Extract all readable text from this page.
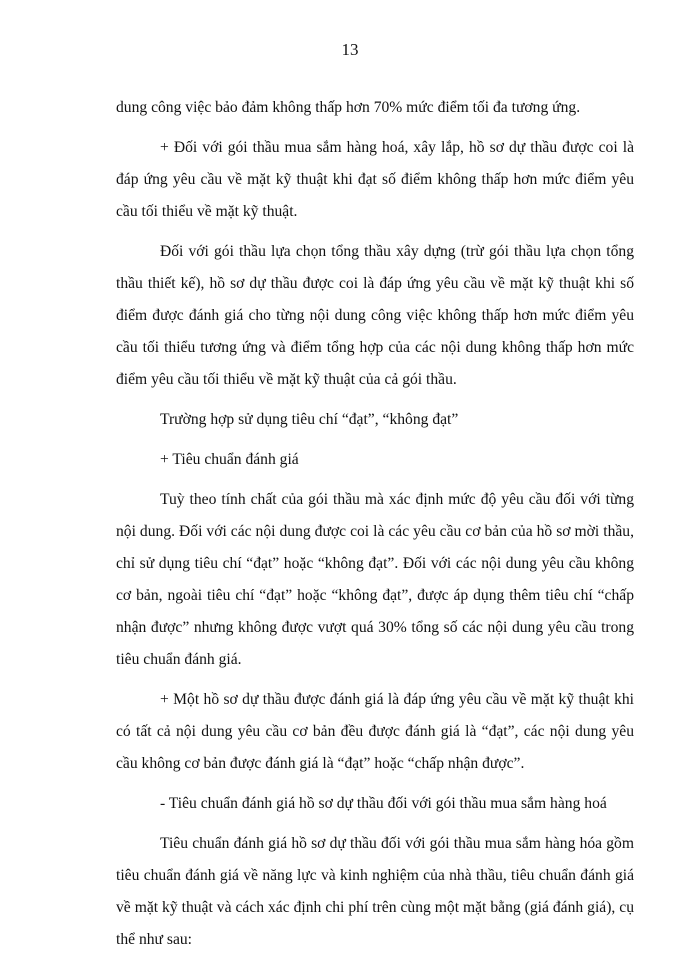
13

dung công việc bảo đảm không thấp hơn 70% mức điểm tối đa tương ứng.

+ Đối với gói thầu mua sắm hàng hoá, xây lắp, hồ sơ dự thầu được coi là đáp ứng yêu cầu về mặt kỹ thuật khi đạt số điểm không thấp hơn mức điểm yêu cầu tối thiểu về mặt kỹ thuật.

Đối với gói thầu lựa chọn tổng thầu xây dựng (trừ gói thầu lựa chọn tổng thầu thiết kế), hồ sơ dự thầu được coi là đáp ứng yêu cầu về mặt kỹ thuật khi số điểm được đánh giá cho từng nội dung công việc không thấp hơn mức điểm yêu cầu tối thiểu tương ứng và điểm tổng hợp của các nội dung không thấp hơn mức điểm yêu cầu tối thiểu về mặt kỹ thuật của cả gói thầu.

Trường hợp sử dụng tiêu chí “đạt”, “không đạt”

+ Tiêu chuẩn đánh giá

Tuỳ theo tính chất của gói thầu mà xác định mức độ yêu cầu đối với từng nội dung. Đối với các nội dung được coi là các yêu cầu cơ bản của hồ sơ mời thầu, chỉ sử dụng tiêu chí “đạt” hoặc “không đạt”. Đối với các nội dung yêu cầu không cơ bản, ngoài tiêu chí “đạt” hoặc “không đạt”, được áp dụng thêm tiêu chí “chấp nhận được” nhưng không được vượt quá 30% tổng số các nội dung yêu cầu trong tiêu chuẩn đánh giá.

+ Một hồ sơ dự thầu được đánh giá là đáp ứng yêu cầu về mặt kỹ thuật khi có tất cả nội dung yêu cầu cơ bản đều được đánh giá là “đạt”, các nội dung yêu cầu không cơ bản được đánh giá là “đạt” hoặc “chấp nhận được”.

- Tiêu chuẩn đánh giá hồ sơ dự thầu đối với gói thầu mua sắm hàng hoá

Tiêu chuẩn đánh giá hồ sơ dự thầu đối với gói thầu mua sắm hàng hóa gồm tiêu chuẩn đánh giá về năng lực và kinh nghiệm của nhà thầu, tiêu chuẩn đánh giá về mặt kỹ thuật và cách xác định chi phí trên cùng một mặt bằng (giá đánh giá), cụ thể như sau:
